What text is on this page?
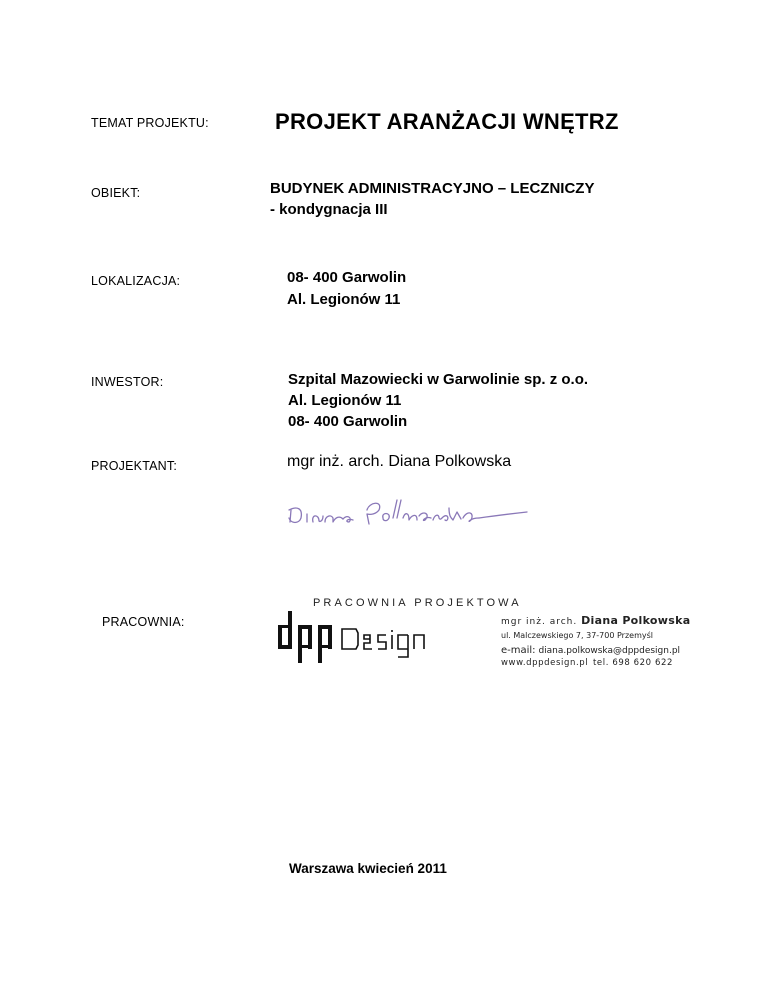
TEMAT PROJEKTU:	PROJEKT ARANŻACJI WNĘTRZ
OBIEKT:	BUDYNEK ADMINISTRACYJNO – LECZNICZY
- kondygnacja III
LOKALIZACJA:	08- 400 Garwolin
Al. Legionów 11
INWESTOR:	Szpital Mazowiecki w Garwolinie sp. z o.o.
Al. Legionów 11
08- 400 Garwolin
PROJEKTANT:	mgr inż. arch. Diana Polkowska
PRACOWNIA:
PRACOWNIA PROJEKTOWA
mgr inż. arch. Diana Polkowska
ul. Malczewskiego 7, 37-700 Przemyśl
e-mail: diana.polkowska@dppdesign.pl
www.dppdesign.pl tel. 698 620 622
Warszawa kwiecień 2011
